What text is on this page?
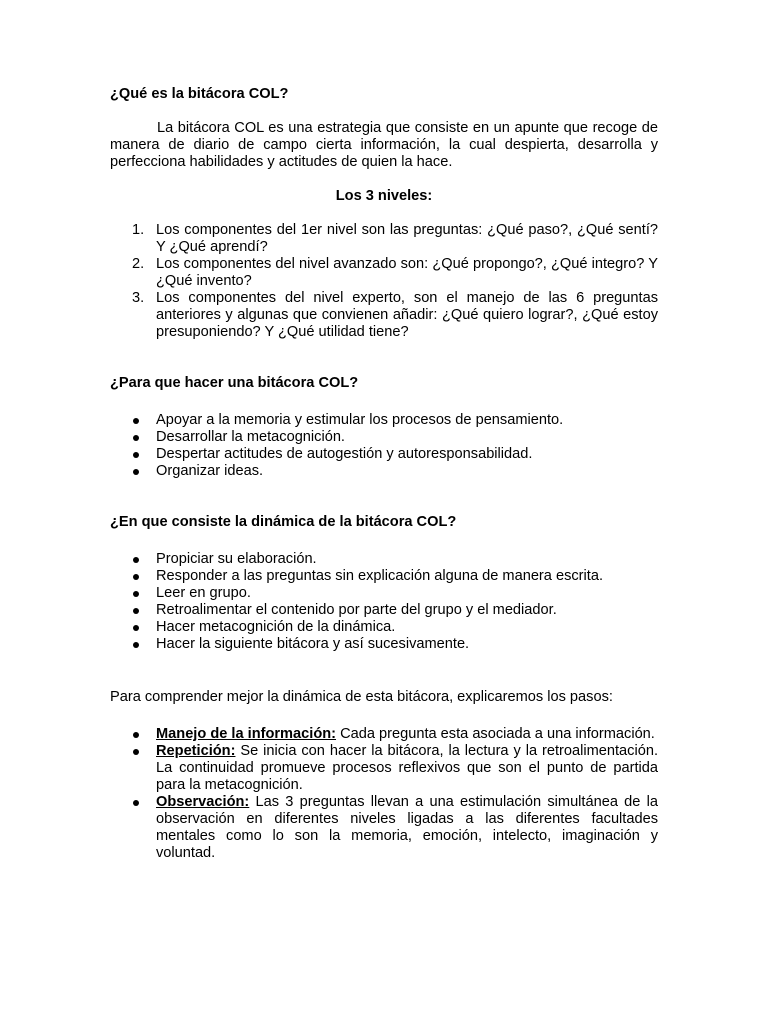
¿Qué es la bitácora COL?

La bitácora COL es una estrategia que consiste en un apunte que recoge de manera de diario de campo cierta información, la cual despierta, desarrolla y perfecciona habilidades y actitudes de quien la hace.

Los 3 niveles:

1. Los componentes del 1er nivel son las preguntas: ¿Qué paso?, ¿Qué sentí? Y ¿Qué aprendí?
2. Los componentes del nivel avanzado son: ¿Qué propongo?, ¿Qué integro? Y ¿Qué invento?
3. Los componentes del nivel experto, son el manejo de las 6 preguntas anteriores y algunas que convienen añadir: ¿Qué quiero lograr?, ¿Qué estoy presuponiendo? Y ¿Qué utilidad tiene?

¿Para que hacer una bitácora COL?

Apoyar a la memoria y estimular los procesos de pensamiento.
Desarrollar la metacognición.
Despertar actitudes de autogestión y autoresponsabilidad.
Organizar ideas.

¿En que consiste la dinámica de la bitácora COL?

Propiciar su elaboración.
Responder a las preguntas sin explicación alguna de manera escrita.
Leer en grupo.
Retroalimentar el contenido por parte del grupo y el mediador.
Hacer metacognición de la dinámica.
Hacer la siguiente bitácora y así sucesivamente.

Para comprender mejor la dinámica de esta bitácora, explicaremos los pasos:

Manejo de la información: Cada pregunta esta asociada a una información.
Repetición: Se inicia con hacer la bitácora, la lectura y la retroalimentación. La continuidad promueve procesos reflexivos que son el punto de partida para la metacognición.
Observación: Las 3 preguntas llevan a una estimulación simultánea de la observación en diferentes niveles ligadas a las diferentes facultades mentales como lo son la memoria, emoción, intelecto, imaginación y voluntad.
